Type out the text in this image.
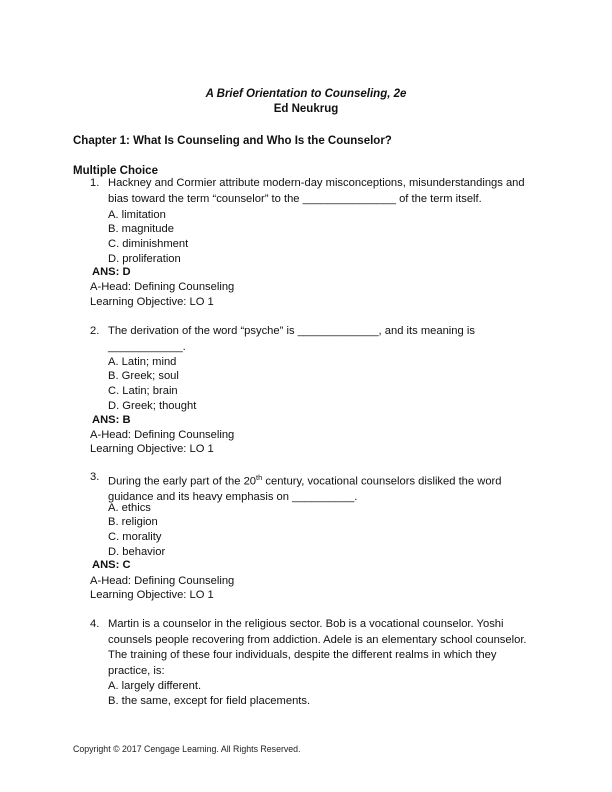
A Brief Orientation to Counseling, 2e
Ed Neukrug
Chapter 1: What Is Counseling and Who Is the Counselor?
Multiple Choice
1. Hackney and Cormier attribute modern-day misconceptions, misunderstandings and
bias toward the term “counselor” to the _______________ of the term itself.
A. limitation
B. magnitude
C. diminishment
D. proliferation
ANS: D
A-Head: Defining Counseling
Learning Objective: LO 1
2. The derivation of the word “psyche” is _____________, and its meaning is
____________.
A. Latin; mind
B. Greek; soul
C. Latin; brain
D. Greek; thought
ANS: B
A-Head: Defining Counseling
Learning Objective: LO 1
3. During the early part of the 20th century, vocational counselors disliked the word
guidance and its heavy emphasis on __________.
A. ethics
B. religion
C. morality
D. behavior
ANS: C
A-Head: Defining Counseling
Learning Objective: LO 1
4. Martin is a counselor in the religious sector. Bob is a vocational counselor. Yoshi
counsels people recovering from addiction. Adele is an elementary school counselor.
The training of these four individuals, despite the different realms in which they
practice, is:
A. largely different.
B. the same, except for field placements.
Copyright © 2017 Cengage Learning. All Rights Reserved.
